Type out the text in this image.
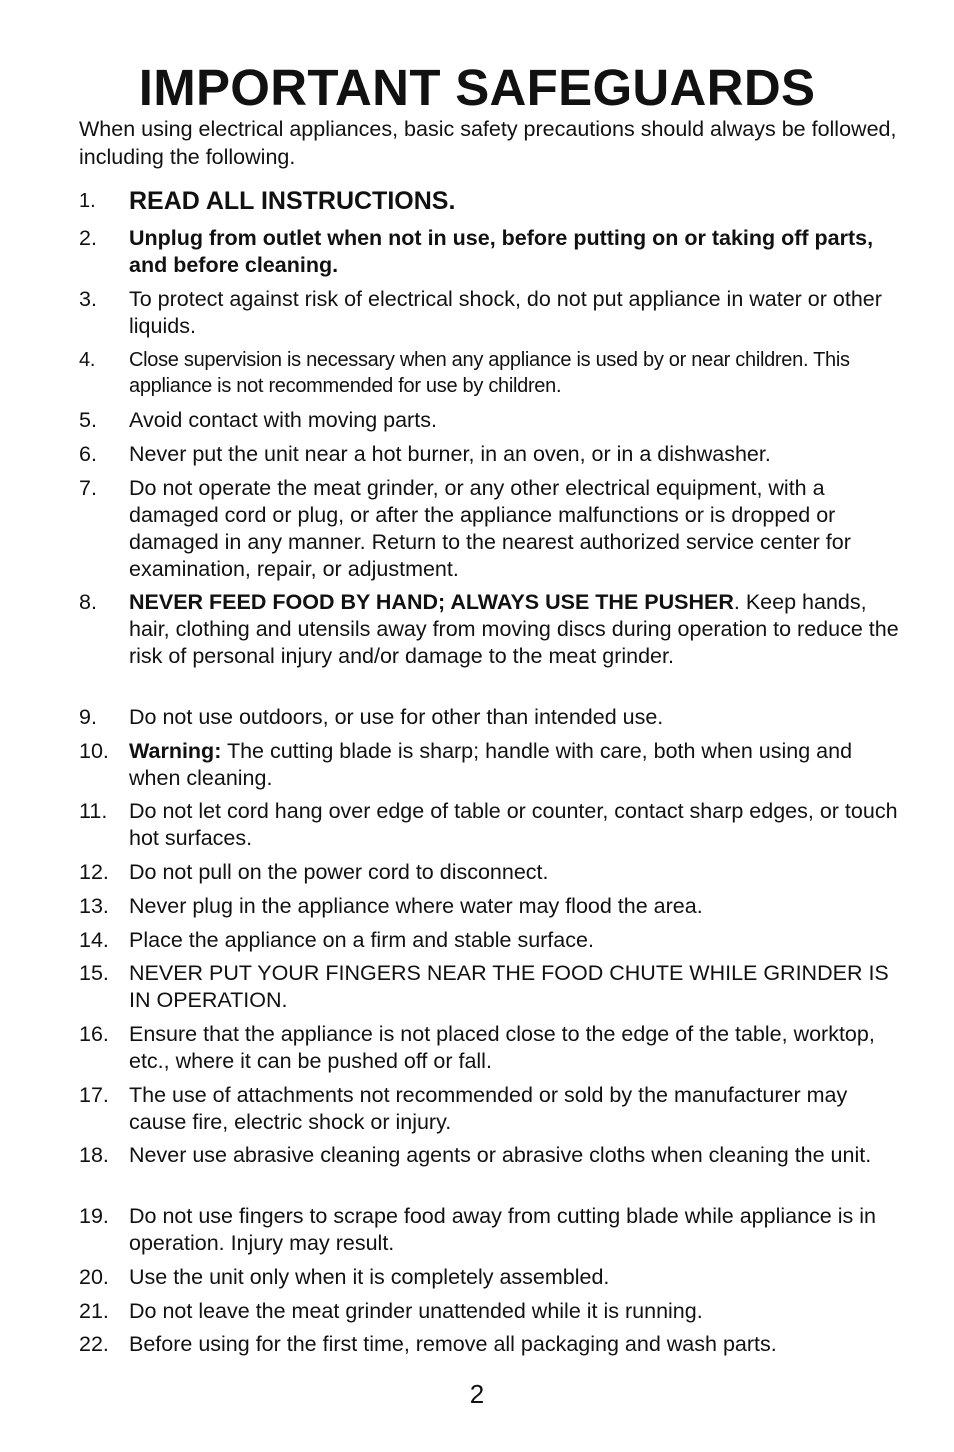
IMPORTANT SAFEGUARDS
When using electrical appliances, basic safety precautions should always be followed, including the following.
1.	READ ALL INSTRUCTIONS.
2.	Unplug from outlet when not in use, before putting on or taking off parts, and before cleaning.
3.	To protect against risk of electrical shock, do not put appliance in water or other liquids.
4.	Close supervision is necessary when any appliance is used by or near children. This appliance is not recommended for use by children.
5.	Avoid contact with moving parts.
6.	Never put the unit near a hot burner, in an oven, or in a dishwasher.
7.	Do not operate the meat grinder, or any other electrical equipment, with a damaged cord or plug, or after the appliance malfunctions or is dropped or damaged in any manner. Return to the nearest authorized service center for examination, repair, or adjustment.
8.	NEVER FEED FOOD BY HAND; ALWAYS USE THE PUSHER. Keep hands, hair, clothing and utensils away from moving discs during operation to reduce the risk of personal injury and/or damage to the meat grinder.
9.	Do not use outdoors, or use for other than intended use.
10. Warning: The cutting blade is sharp; handle with care, both when using and when cleaning.
11.	Do not let cord hang over edge of table or counter, contact sharp edges, or touch hot surfaces.
12. Do not pull on the power cord to disconnect.
13. Never plug in the appliance where water may flood the area.
14. Place the appliance on a firm and stable surface.
15. NEVER PUT YOUR FINGERS NEAR THE FOOD CHUTE WHILE GRINDER IS IN OPERATION.
16. Ensure that the appliance is not placed close to the edge of the table, worktop, etc., where it can be pushed off or fall.
17. The use of attachments not recommended or sold by the manufacturer may cause fire, electric shock or injury.
18. Never use abrasive cleaning agents or abrasive cloths when cleaning the unit.
19. Do not use fingers to scrape food away from cutting blade while appliance is in operation. Injury may result.
20. Use the unit only when it is completely assembled.
21. Do not leave the meat grinder unattended while it is running.
22. Before using for the first time, remove all packaging and wash parts.
2
